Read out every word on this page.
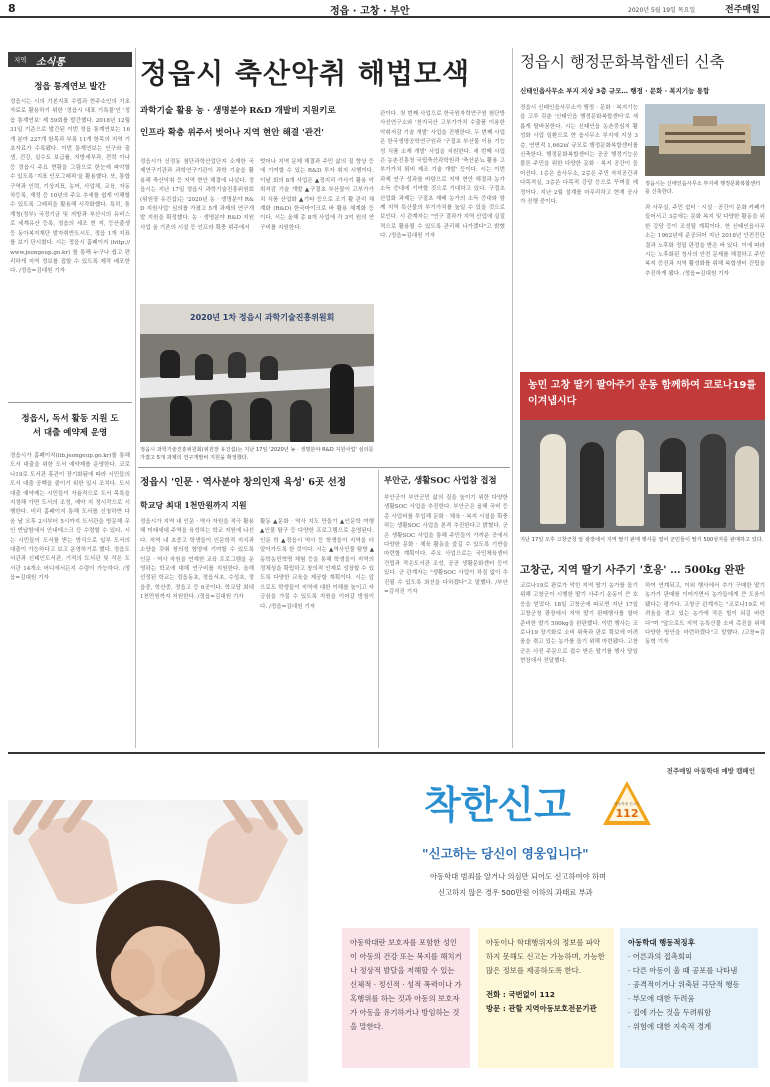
8	정읍 · 고창 · 부안	2020년 5월 19일 목요일	전주매일
지역 소식통
정읍 통계연보 발간
정읍시는 시의 기본지표 수립과 현주소인의 기초자료로 활용하기 위한 '정읍시 대표 기록물'인 '정읍 통계연보' 제 59회를 발간했다. 2018년 12월 31일 기준으로 발간된 이번 정읍 통계연보는 16개 분야 227개 항목과 부록 11개 항목의 지역 기초자료가 수록됐다. 이번 통계연보는 인구와 출생, 건강, 실수도 보급률, 지방세부과, 전력 이나 등 정읍시 주요 현황을 그림으로 한눈에 파악할 수 있도록 '지표 인포그래픽'을 활용했다. 또, 통합구역과 인력, 기상지표, 농어, 사업체, 교육, 자동차등록, 재정 등 10년의 주요 추세를 쉽게 이해할 수 있도록 그래픽을 활용해 시각화했다. 특히, 통계청(정부) 국정기금 및 지방과 부산시의 유비스로 세계유산 등록, 정읍의 세조 현 지, 등산출생 등 동아복지재단 발자취반도시도, 정읍 1개 지표를 보기 단시켰다. 시는 정읍시 홈페이지 (http://www.jeongeup.go.kr) 를 통해 누구나 쉽고 편리하게 지역 정보를 접할 수 있도록 제작 배포한다. /정읍=김대원 기자
정읍시, 독서 활동 지원 도서 대출 예약제 운영
정읍시가 홈페이지(lib.jeongeup.go.kr)를 통해 도서 대출을 위한 도서 예약제를 운영한다. 코로나19로 도서관 휴관이 장기화됨에 따라 시민들의 도서 대출 공백을 줄이기 위한 일시 조치다. 도서 대출 예약제는 시민들이 자율적으로 도서 목록을 지정해 가면 도서의 조정, 예약 지 정시작으로 시행한다. 미리 홈페이지 통해 도서를 신청하면 다음 날 오후 2시부터 5시까지 도서관을 방문해 무인 반납함에서 안내데스크 등 수령할 수 있다. 시는 시민들이 도서를 받는 방식으로 일부 도서의 대출이 가능하다고 보고 운영하기로 했다. 정읍도서관과 신태인도서관, 기적의 도서관 및 작은 도서관 14개소 어디에서든지 수령이 가능하다. /정읍=김대원 기자
정읍시 축산악취 해법모색
과학기술 활용 농 · 생명분야 R&D 개발비 지원키로
인프라 확충 위주서 벗어나 지역 현안 해결 '관건'
정읍시가 신정동 첨단과학산업단지 소재한 국제연구기관과 과학연구기관이 과학 기술을 활용해 축산악취 등 지역 현안 해결에 나섰다. 정읍시는 지난 17일 정읍시 과학기술진흥위원회(위원장 유진섭)는 '2020년 농 · 생명분야 R&D 지원사업' 심의를 가졌고 5개 과제의 연구개발 지원을 확정했다. 농 · 생명분야 R&D 지원사업 올 기존의 시설 등 인프라 확충 위주에서
벗어나 지역 문제 해결과 주민 삶의 질 향상 등에 기여할 수 있는 R&D 투자 취지 시행이다. 이날 회의 8개 사업은 ▲정지리 가사기 활용 악취저감 기술 개발 ▲구절초 부산물이 고부가가치 식품 산업화 ▲기타 등으로 조기 활 관리 체계화 (R&D) 한국마이크로 바 활용 체계화 등이다. 시는 올해 총 8개 사업에 각 3억 원의 연구비를 지원한다.
2020년 1차 정읍시 과학기술진흥위원회
정읍시 과학기술진흥위원회(위원장 유진섭)는 지난 17일 '2020년 농 · 생명분야 R&D 지원사업' 심의를 가졌고 5개 과제의 연구개발비 지원을 확정했다.
관이다. 첫 번째 사업으로 한국원자력연구원 첨단방사선연구소와 '천지국산 고부가가치 수출품 이용한 악취저감 기술 개발' 사업을 진행한다. 두 번째 사업은 한국생명공학연구원과 '구절초 부산물 이용 기능성 식품 소재 개발' 사업을 지원한다. 세 번째 사업은 농촌진흥청 국립축산과학원과 '축산분뇨 활용 고부가가치 퇴비 제조 기술 개발' 등이다. 시는 이번 과제 연구 성과를 바탕으로 지역 현안 해결과 농가 소득 증대에 기여할 것으로 기대하고 있다. 구절초 산업화 과제는 구절초 재배 농가의 소득 증대와 함께 지역 특산물의 부가가치를 높일 수 있을 것으로 보인다. 시 관계자는 "연구 결과가 지역 산업에 실질적으로 활용될 수 있도록 관리해 나가겠다"고 밝혔다. /정읍=김대원 기자
정읍시 행정문화복합센터 신축
신태인읍사무소 부지 지상 3층 규모… 행정 · 문화 · 복지기능 통합
정읍시 신태인읍사무소가 행정 · 문화 · 복지기능을 고루 갖춘 '신태인읍 행정문화복합센터'로 새롭게 탈바꿈한다. 시는 신태인읍 농촌중심지 활성화 사업 일환으로 현 읍사무소 부지에 지상 3층, 연면적 1,662㎡ 규모로 행정문화복합센터를 신축한다. 행정문화복합센터는 공공 행정기능은 물론 주민을 위한 다양한 문화 · 복지 공간이 들어선다. 1층은 읍사무소, 2층은 주민 자치공간과 다목적실, 3층은 다목적 강당 등으로 꾸며질 예정이다. 지난 2월 설계를 마무리하고 현재 공사가 진행 중이다.
정읍시는 신태인읍사무소 부지에 행정문화복합센터를 신축한다.
과 사무실, 주민 쉼터 · 시설 · 공간이 문화 카페가 들어서고 3층에는 문화 복지 및 다양한 활동을 위한 강당 등이 조성될 계획이다. 현 신태인읍사무소는 1962년에 준공되어 지난 2018년 안전진단 결과 노후화 정밀 판정을 받은 바 있다. 이에 따라 시는 노후화된 청사의 안전 문제를 해결하고 주민 복지 증진과 지역 활성화를 위해 복합센터 건립을 추진하게 됐다. /정읍=김대원 기자
농민 고창 딸기 팔아주기 운동 함께하여 코로나19를 이겨냅시다
지난 17일 오후 고창군청 앞 광장에서 지역 딸기 판매 행사를 열어 군민들이 딸기 500상자를 판매하고 있다.
고창군, 지역 딸기 사주기 '호응' … 500kg 완판
코로나19로 판로가 막힌 지역 딸기 농가를 돕기 위해 고창군이 시행한 딸기 사주기 운동이 큰 호응을 얻었다. 18일 고창군에 따르면 지난 17일 고창군청 광장에서 지역 딸기 판매행사를 열어 준비한 딸기 500kg을 완판했다. 이번 행사는 코로나19 장기화로 소비 위축과 판로 확보에 어려움을 겪고 있는 농가를 돕기 위해 마련됐다. 고창군은 사전 주문으로 접수 받은 딸기를 행사 당일 현장에서 전달했다.
하여 연계되고, 이외 행사에서 추가 구매한 딸기 농가가 판매를 이어가면서 농가들에게 큰 도움이 됐다는 평가다. 고창군 관계자는 "코로나19로 어려움을 겪고 있는 농가에 작은 힘이 되길 바란다"며 "앞으로도 지역 농특산물 소비 촉진을 위해 다양한 방안을 마련하겠다"고 말했다. /고창=김동혁 기자
정읍시 '인문 · 역사분야 창의인재 육성' 6곳 선정
학교당 최대 1천만원까지 지원
정읍시가 지역 내 인문 · 역사 자원을 적극 활용해 미래세대 주역을 육성하는 학교 지원에 나선다. 지역 내 초중고 학생들이 인문학적 지식과 소양을 갖춰 창의성 함양에 기여할 수 있도록 인문 · 역사 자원을 연계한 교육 프로그램을 운영하는 학교에 대해 연구비를 지원한다. 올해 선정된 학교는 정읍동초, 정읍서초, 수성초, 정읍중, 학산중, 정읍고 등 6곳이다. 학교당 최대 1천만원까지 지원한다. /정읍=김대원 기자
활동 ▲문화 · 역사 지도 만들기 ▲인문학 여행 ▲인물 탐구 등 다양한 프로그램으로 운영된다. 인문 학 ▲정읍시 역사 등 학생들이 지역을 더 알아가도록 한 것이다. 시는 ▲역사인물 탐방 ▲동학농민혁명 체험 등을 통해 학생들이 지역의 정체성을 확립하고 창의적 인재로 성장할 수 있도록 다양한 교육을 제공할 계획이다. 시는 앞으로도 학생들이 지역에 대한 이해를 높이고 자긍심을 가질 수 있도록 지원을 이어갈 방침이다. /정읍=김대원 기자
부안군, 생활SOC 사업참 접점
부안군이 부안군민 삶의 질을 높이기 위한 다양한 생활SOC 사업을 추진한다. 부안군은 올해 국비 등 총 사업비를 투입해 문화 · 체육 · 복지 시설을 확충하는 생활SOC 사업을 본격 추진한다고 밝혔다. 군은 생활SOC 사업을 통해 주민들이 가까운 곳에서 다양한 문화 · 체육 활동을 즐길 수 있도록 기반을 마련할 계획이다. 주요 사업으로는 국민체육센터 건립과 작은도서관 조성, 공공 생활문화센터 등이 있다. 군 관계자는 "생활SOC 사업이 차질 없이 추진될 수 있도록 최선을 다하겠다"고 말했다. /부안=김석진 기자
전주매일 아동학대 예방 캠페인
착한신고	아동학대 신고는
112
"신고하는 당신이 영웅입니다"
아동학대 범죄를 알거나 의심만 되어도 신고하여야 하며
신고하지 않은 경우 500만원 이하의 과태료 부과
아동학대란 보호자를 포함한 성인이 아동의 건강 또는 복지를 해치거나 정상적 발달을 저해할 수 있는 신체적 · 정신적 · 성적 폭력이나 가혹행위를 하는 것과 아동의 보호자가 아동을 유기하거나 방임하는 것을 말한다.
아동이나 학대행위자의 정보를 파악하지 못해도 신고는 가능하며, 가능한 많은 정보를 제공하도록 한다.
전화 : 국번없이 112
방문 : 관할 지역아동보호전문기관
아동학대 행동적징후
· 어른과의 접촉회피
· 다른 아동이 울 때 공포를 나타냄
· 공격적이거나 위축된 극단적 행동
· 부모에 대한 두려움
· 집에 가는 것을 두려워함
· 위험에 대한 지속적 경계
